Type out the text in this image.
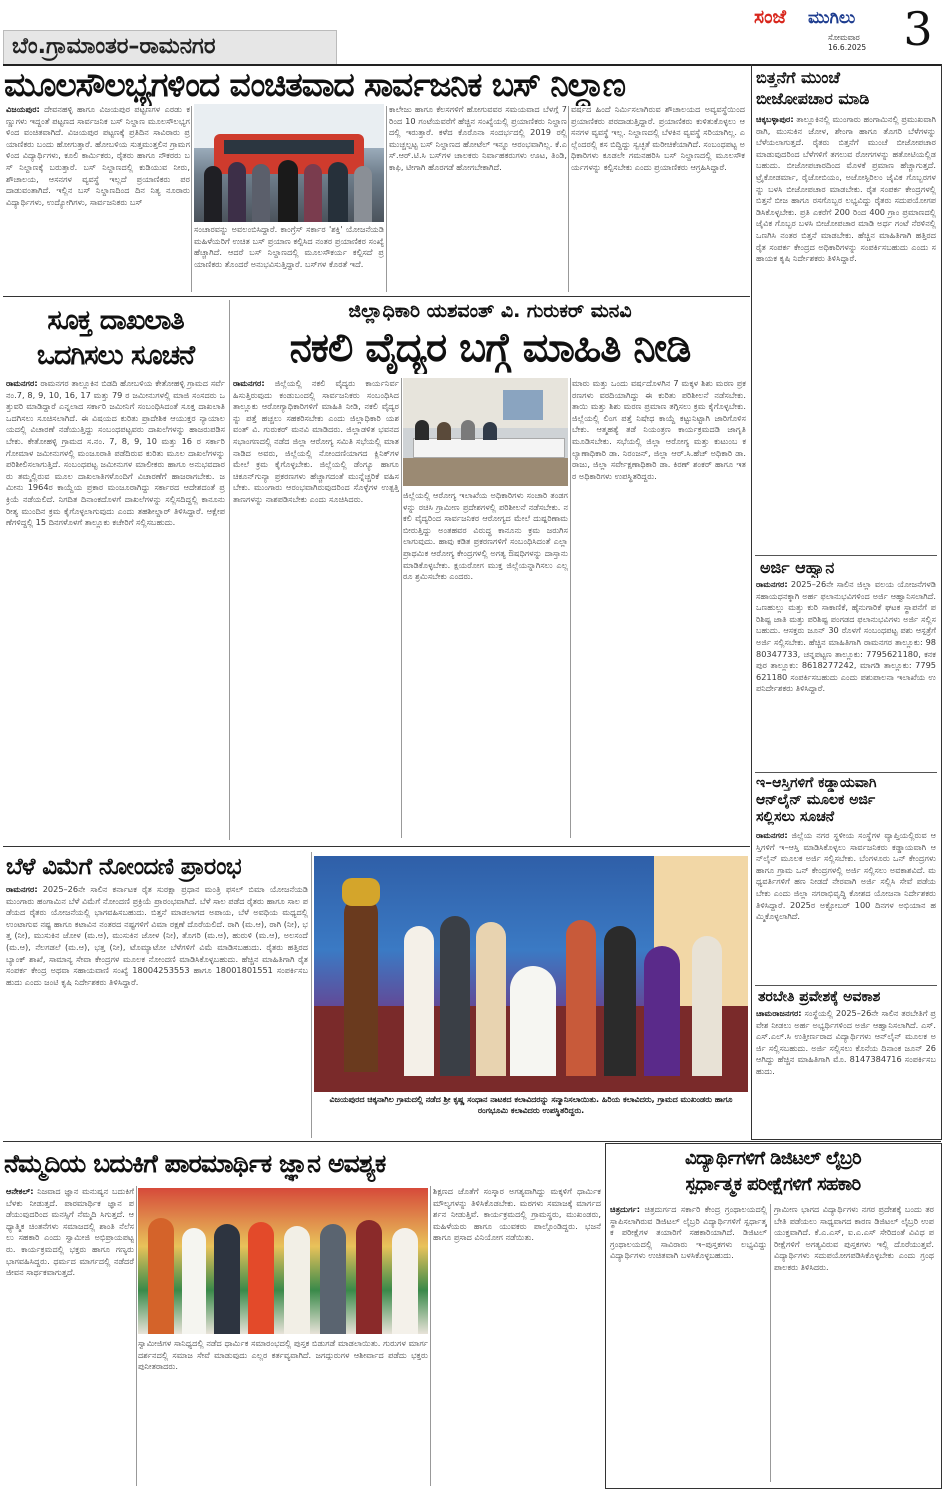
ಬೆಂ.ಗ್ರಾಮಾಂತರ–ರಾಮನಗರ
ಸಂಜೆ ಮುಗಿಲು
ಸೋಮವಾರ
16.6.2025 3
ಮೂಲಸೌಲಭ್ಯಗಳಿಂದ ವಂಚಿತವಾದ ಸಾರ್ವಜನಿಕ ಬಸ್ ನಿಲ್ದಾಣ
ವಿಜಯಪುರ: ದೇವನಹಳ್ಳಿ ಹಾಗೂ ವಿಜಯಪುರ ಪಟ್ಟಣಗಳ ಎರಡು ಕಣ್ಣುಗಳು ಇದ್ದಂತೆ ಪಟ್ಟಣದ ಸಾರ್ವಜನಿಕ ಬಸ್ ನಿಲ್ದಾಣ ಮೂಲಸೌಲಭ್ಯಗಳಿಂದ ವಂಚಿತವಾಗಿದೆ. ವಿಜಯಪುರ ಪಟ್ಟಣಕ್ಕೆ ಪ್ರತಿದಿನ ಸಾವಿರಾರು ಪ್ರಯಾಣಿಕರು ಬಂದು ಹೋಗುತ್ತಾರೆ. ಹೋಬಳಿಯ ಸುತ್ತಮುತ್ತಲಿನ ಗ್ರಾಮಗಳಿಂದ ವಿದ್ಯಾರ್ಥಿಗಳು, ಕೂಲಿ ಕಾರ್ಮಿಕರು, ರೈತರು ಹಾಗೂ ನೌಕರರು ಬಸ್ ನಿಲ್ದಾಣಕ್ಕೆ ಬರುತ್ತಾರೆ. ಬಸ್ ನಿಲ್ದಾಣದಲ್ಲಿ ಕುಡಿಯುವ ನೀರು, ಶೌಚಾಲಯ, ಆಸನಗಳ ವ್ಯವಸ್ಥೆ ಇಲ್ಲದೆ ಪ್ರಯಾಣಿಕರು ಪರದಾಡುವಂತಾಗಿದೆ. ಇಲ್ಲಿನ ಬಸ್ ನಿಲ್ದಾಣದಿಂದ ದಿನ ನಿತ್ಯ ನೂರಾರು ವಿದ್ಯಾರ್ಥಿಗಳು, ಉದ್ಯೋಗಿಗಳು, ಸಾರ್ವಜನಿಕರು ಬಸ್
ಸಂಚಾರವನ್ನು ಅವಲಂಬಿಸಿದ್ದಾರೆ. ಕಾಂಗ್ರೆಸ್ ಸರ್ಕಾರ 'ಶಕ್ತಿ' ಯೋಜನೆಯಡಿ ಮಹಿಳೆಯರಿಗೆ ಉಚಿತ ಬಸ್ ಪ್ರಯಾಣ ಕಲ್ಪಿಸಿದ ನಂತರ ಪ್ರಯಾಣಿಕರ ಸಂಖ್ಯೆ ಹೆಚ್ಚಾಗಿದೆ. ಆದರೆ ಬಸ್ ನಿಲ್ದಾಣದಲ್ಲಿ ಮೂಲಸೌಕರ್ಯ ಕಲ್ಪಿಸದೆ ಪ್ರಯಾಣಿಕರು ತೊಂದರೆ ಅನುಭವಿಸುತ್ತಿದ್ದಾರೆ. ಬಸ್‌ಗಳ ಕೊರತೆ ಇದೆ.
ಕಾಲೇಜು ಹಾಗೂ ಕೆಲಸಗಳಿಗೆ ಹೋಗುವವರ ಸಮಯವಾದ ಬೆಳಗ್ಗೆ 7 ರಿಂದ 10 ಗಂಟೆಯವರೆಗೆ ಹೆಚ್ಚಿನ ಸಂಖ್ಯೆಯಲ್ಲಿ ಪ್ರಯಾಣಿಕರು ನಿಲ್ದಾಣದಲ್ಲಿ ಇರುತ್ತಾರೆ. ಕಳೆದ ಕೊರೊನಾ ಸಂದರ್ಭದಲ್ಲಿ 2019 ರಲ್ಲಿ ಮುಚ್ಚಲ್ಪಟ್ಟ ಬಸ್ ನಿಲ್ದಾಣದ ಹೋಟೆಲ್ ಇನ್ನೂ ಆರಂಭವಾಗಿಲ್ಲ. ಕೆ.ಎಸ್.ಆರ್.ಟಿ.ಸಿ ಬಸ್‌ಗಳ ಚಾಲಕರು ನಿರ್ವಾಹಕರುಗಳು ಊಟ, ತಿಂಡಿ, ಕಾಫಿ, ಟೀಗಾಗಿ ಹೊರಗಡೆ ಹೋಗಬೇಕಾಗಿದೆ.
ವರ್ಷದ ಹಿಂದೆ ನಿರ್ಮಿಸಲಾಗಿರುವ ಶೌಚಾಲಯದ ಅವ್ಯವಸ್ಥೆಯಿಂದ ಪ್ರಯಾಣಿಕರು ಪರದಾಡುತ್ತಿದ್ದಾರೆ. ಪ್ರಯಾಣಿಕರು ಕುಳಿತುಕೊಳ್ಳಲು ಆಸನಗಳ ವ್ಯವಸ್ಥೆ ಇಲ್ಲ. ನಿಲ್ದಾಣದಲ್ಲಿ ಬೆಳಕಿನ ವ್ಯವಸ್ಥೆ ಸರಿಯಾಗಿಲ್ಲ. ಎಲ್ಲೆಂದರಲ್ಲಿ ಕಸ ಬಿದ್ದಿದ್ದು ಸ್ವಚ್ಛತೆ ಮರೀಚಿಕೆಯಾಗಿದೆ. ಸಂಬಂಧಪಟ್ಟ ಅಧಿಕಾರಿಗಳು ಕೂಡಲೇ ಗಮನಹರಿಸಿ ಬಸ್ ನಿಲ್ದಾಣದಲ್ಲಿ ಮೂಲಸೌಕರ್ಯಗಳನ್ನು ಕಲ್ಪಿಸಬೇಕು ಎಂದು ಪ್ರಯಾಣಿಕರು ಆಗ್ರಹಿಸಿದ್ದಾರೆ.
ಬಿತ್ತನೆಗೆ ಮುಂಚೆ
ಬೀಜೋಪಚಾರ ಮಾಡಿ
ಚಿಕ್ಕಬಳ್ಳಾಪುರ: ತಾಲ್ಲೂಕಿನಲ್ಲಿ ಮುಂಗಾರು ಹಂಗಾಮಿನಲ್ಲಿ ಪ್ರಮುಖವಾಗಿ ರಾಗಿ, ಮುಸುಕಿನ ಜೋಳ, ಶೇಂಗಾ ಹಾಗೂ ತೊಗರಿ ಬೆಳೆಗಳನ್ನು ಬೆಳೆಯಲಾಗುತ್ತದೆ. ರೈತರು ಬಿತ್ತನೆಗೆ ಮುಂಚೆ ಬೀಜೋಪಚಾರ ಮಾಡುವುದರಿಂದ ಬೆಳೆಗಳಿಗೆ ತಗಲುವ ರೋಗಗಳನ್ನು ಹತೋಟಿಯಲ್ಲಿಡಬಹುದು. ಬೀಜೋಪಚಾರದಿಂದ ಮೊಳಕೆ ಪ್ರಮಾಣ ಹೆಚ್ಚಾಗುತ್ತದೆ. ಟ್ರೈಕೋಡರ್ಮಾ, ರೈಜೋಬಿಯಂ, ಅಜೋಸ್ಪಿರಿಲಂ ಜೈವಿಕ ಗೊಬ್ಬರಗಳನ್ನು ಬಳಸಿ ಬೀಜೋಪಚಾರ ಮಾಡಬೇಕು. ರೈತ ಸಂಪರ್ಕ ಕೇಂದ್ರಗಳಲ್ಲಿ ಬಿತ್ತನೆ ಬೀಜ ಹಾಗೂ ರಸಗೊಬ್ಬರ ಲಭ್ಯವಿದ್ದು ರೈತರು ಸದುಪಯೋಗಪಡಿಸಿಕೊಳ್ಳಬೇಕು. ಪ್ರತಿ ಎಕರೆಗೆ 200 ರಿಂದ 400 ಗ್ರಾಂ ಪ್ರಮಾಣದಲ್ಲಿ ಜೈವಿಕ ಗೊಬ್ಬರ ಬಳಸಿ ಬೀಜೋಪಚಾರ ಮಾಡಿ ಅರ್ಧ ಗಂಟೆ ನೆರಳಿನಲ್ಲಿ ಒಣಗಿಸಿ ನಂತರ ಬಿತ್ತನೆ ಮಾಡಬೇಕು. ಹೆಚ್ಚಿನ ಮಾಹಿತಿಗಾಗಿ ಹತ್ತಿರದ ರೈತ ಸಂಪರ್ಕ ಕೇಂದ್ರದ ಅಧಿಕಾರಿಗಳನ್ನು ಸಂಪರ್ಕಿಸಬಹುದು ಎಂದು ಸಹಾಯಕ ಕೃಷಿ ನಿರ್ದೇಶಕರು ತಿಳಿಸಿದ್ದಾರೆ.
ಅರ್ಜಿ ಆಹ್ವಾನ
ರಾಮನಗರ: 2025–26ನೇ ಸಾಲಿನ ಜಿಲ್ಲಾ ವಲಯ ಯೋಜನೆಗಳಡಿ ಸಹಾಯಧನಕ್ಕಾಗಿ ಅರ್ಹ ಫಲಾನುಭವಿಗಳಿಂದ ಅರ್ಜಿ ಆಹ್ವಾನಿಸಲಾಗಿದೆ. ಒಣಹುಲ್ಲು ಮತ್ತು ಕುರಿ ಸಾಕಾಣಿಕೆ, ಹೈನುಗಾರಿಕೆ ಘಟಕ ಸ್ಥಾಪನೆಗೆ ಪರಿಶಿಷ್ಟ ಜಾತಿ ಮತ್ತು ಪರಿಶಿಷ್ಟ ಪಂಗಡದ ಫಲಾನುಭವಿಗಳು ಅರ್ಜಿ ಸಲ್ಲಿಸಬಹುದು. ಆಸಕ್ತರು ಜೂನ್ 30 ರೊಳಗೆ ಸಂಬಂಧಪಟ್ಟ ಪಶು ಆಸ್ಪತ್ರೆಗೆ ಅರ್ಜಿ ಸಲ್ಲಿಸಬೇಕು. ಹೆಚ್ಚಿನ ಮಾಹಿತಿಗಾಗಿ ರಾಮನಗರ ತಾಲ್ಲೂಕು: 9880347733, ಚನ್ನಪಟ್ಟಣ ತಾಲ್ಲೂಕು: 7795621180, ಕನಕಪುರ ತಾಲ್ಲೂಕು: 8618277242, ಮಾಗಡಿ ತಾಲ್ಲೂಕು: 7795621180 ಸಂಪರ್ಕಿಸಬಹುದು ಎಂದು ಪಶುಪಾಲನಾ ಇಲಾಖೆಯ ಉಪನಿರ್ದೇಶಕರು ತಿಳಿಸಿದ್ದಾರೆ.
ಇ–ಆಸ್ತಿಗಳಿಗೆ ಕಡ್ಡಾಯವಾಗಿ
ಆನ್‌ಲೈನ್ ಮೂಲಕ ಅರ್ಜಿ
ಸಲ್ಲಿಸಲು ಸೂಚನೆ
ರಾಮನಗರ: ಜಿಲ್ಲೆಯ ನಗರ ಸ್ಥಳೀಯ ಸಂಸ್ಥೆಗಳ ವ್ಯಾಪ್ತಿಯಲ್ಲಿರುವ ಆಸ್ತಿಗಳಿಗೆ ಇ–ಆಸ್ತಿ ಮಾಡಿಸಿಕೊಳ್ಳಲು ಸಾರ್ವಜನಿಕರು ಕಡ್ಡಾಯವಾಗಿ ಆನ್‌ಲೈನ್ ಮೂಲಕ ಅರ್ಜಿ ಸಲ್ಲಿಸಬೇಕು. ಬೆಂಗಳೂರು ಒನ್ ಕೇಂದ್ರಗಳು ಹಾಗೂ ಗ್ರಾಮ ಒನ್ ಕೇಂದ್ರಗಳಲ್ಲಿ ಅರ್ಜಿ ಸಲ್ಲಿಸಲು ಅವಕಾಶವಿದೆ. ಮಧ್ಯವರ್ತಿಗಳಿಗೆ ಹಣ ನೀಡದೆ ನೇರವಾಗಿ ಅರ್ಜಿ ಸಲ್ಲಿಸಿ ಸೇವೆ ಪಡೆಯಬೇಕು ಎಂದು ಜಿಲ್ಲಾ ನಗರಾಭಿವೃದ್ಧಿ ಕೋಶದ ಯೋಜನಾ ನಿರ್ದೇಶಕರು ತಿಳಿಸಿದ್ದಾರೆ. 2025ರ ಅಕ್ಟೋಬರ್ 100 ದಿನಗಳ ಅಭಿಯಾನ ಹಮ್ಮಿಕೊಳ್ಳಲಾಗಿದೆ.
ತರಬೇತಿ ಪ್ರವೇಶಕ್ಕೆ ಅವಕಾಶ
ಚಾಮರಾಜನಗರ: ಸಂಸ್ಥೆಯಲ್ಲಿ 2025–26ನೇ ಸಾಲಿನ ತರಬೇತಿಗೆ ಪ್ರವೇಶ ನೀಡಲು ಅರ್ಹ ಅಭ್ಯರ್ಥಿಗಳಿಂದ ಅರ್ಜಿ ಆಹ್ವಾನಿಸಲಾಗಿದೆ. ಎಸ್.ಎಸ್.ಎಲ್.ಸಿ ಉತ್ತೀರ್ಣರಾದ ವಿದ್ಯಾರ್ಥಿಗಳು ಆನ್‌ಲೈನ್ ಮೂಲಕ ಅರ್ಜಿ ಸಲ್ಲಿಸಬಹುದು. ಅರ್ಜಿ ಸಲ್ಲಿಸಲು ಕೊನೆಯ ದಿನಾಂಕ ಜೂನ್ 26 ಆಗಿದ್ದು ಹೆಚ್ಚಿನ ಮಾಹಿತಿಗಾಗಿ ಮೊ. 8147384716 ಸಂಪರ್ಕಿಸಬಹುದು.
ಸೂಕ್ತ ದಾಖಲಾತಿ
ಒದಗಿಸಲು ಸೂಚನೆ
ರಾಮನಗರ: ರಾಮನಗರ ತಾಲ್ಲೂಕಿನ ಬಿಡದಿ ಹೋಬಳಿಯ ಕೇತೋಹಳ್ಳಿ ಗ್ರಾಮದ ಸರ್ವೆ ನಂ.7, 8, 9, 10, 16, 17 ಮತ್ತು 79 ರ ಜಮೀನುಗಳಲ್ಲಿ ಮಾಜಿ ಸಂಸದರು ಒತ್ತುವರಿ ಮಾಡಿದ್ದಾರೆ ಎನ್ನಲಾದ ಸರ್ಕಾರಿ ಜಮೀನಿಗೆ ಸಂಬಂಧಿಸಿದಂತೆ ಸೂಕ್ತ ದಾಖಲಾತಿ ಒದಗಿಸಲು ಸೂಚಿಸಲಾಗಿದೆ. ಈ ವಿಷಯದ ಕುರಿತು ಪ್ರಾದೇಶಿಕ ಆಯುಕ್ತರ ನ್ಯಾಯಾಲಯದಲ್ಲಿ ವಿಚಾರಣೆ ನಡೆಯುತ್ತಿದ್ದು ಸಂಬಂಧಪಟ್ಟವರು ದಾಖಲೆಗಳನ್ನು ಹಾಜರುಪಡಿಸಬೇಕು. ಕೇತೋಹಳ್ಳಿ ಗ್ರಾಮದ ಸ.ನಂ. 7, 8, 9, 10 ಮತ್ತು 16 ರ ಸರ್ಕಾರಿ ಗೋಮಾಳ ಜಮೀನುಗಳಲ್ಲಿ ಮಂಜೂರಾತಿ ಪಡೆದಿರುವ ಕುರಿತು ಮೂಲ ದಾಖಲೆಗಳನ್ನು ಪರಿಶೀಲಿಸಲಾಗುತ್ತಿದೆ. ಸಂಬಂಧಪಟ್ಟ ಜಮೀನುಗಳ ಮಾಲೀಕರು ಹಾಗೂ ಅನುಭವದಾರರು ತಮ್ಮಲ್ಲಿರುವ ಮೂಲ ದಾಖಲಾತಿಗಳೊಂದಿಗೆ ವಿಚಾರಣೆಗೆ ಹಾಜರಾಗಬೇಕು. ಜಮೀನು 1964ರ ಕಾಯ್ದೆಯ ಪ್ರಕಾರ ಮಂಜೂರಾಗಿದ್ದು ಸರ್ಕಾರದ ಆದೇಶದಂತೆ ಪ್ರಕ್ರಿಯೆ ನಡೆಯಲಿದೆ. ನಿಗದಿತ ದಿನಾಂಕದೊಳಗೆ ದಾಖಲೆಗಳನ್ನು ಸಲ್ಲಿಸದಿದ್ದಲ್ಲಿ ಕಾನೂನು ರೀತ್ಯ ಮುಂದಿನ ಕ್ರಮ ಕೈಗೊಳ್ಳಲಾಗುವುದು ಎಂದು ತಹಶೀಲ್ದಾರ್ ತಿಳಿಸಿದ್ದಾರೆ. ಆಕ್ಷೇಪಣೆಗಳಿದ್ದಲ್ಲಿ 15 ದಿನಗಳೊಳಗೆ ತಾಲ್ಲೂಕು ಕಚೇರಿಗೆ ಸಲ್ಲಿಸಬಹುದು.
ಜಿಲ್ಲಾಧಿಕಾರಿ ಯಶವಂತ್ ವಿ. ಗುರುಕರ್ ಮನವಿ
ನಕಲಿ ವೈದ್ಯರ ಬಗ್ಗೆ ಮಾಹಿತಿ ನೀಡಿ
ರಾಮನಗರ: ಜಿಲ್ಲೆಯಲ್ಲಿ ನಕಲಿ ವೈದ್ಯರು ಕಾರ್ಯನಿರ್ವಹಿಸುತ್ತಿರುವುದು ಕಂಡುಬಂದಲ್ಲಿ ಸಾರ್ವಜನಿಕರು ಸಂಬಂಧಿಸಿದ ತಾಲ್ಲೂಕು ಆರೋಗ್ಯಾಧಿಕಾರಿಗಳಿಗೆ ಮಾಹಿತಿ ನೀಡಿ, ನಕಲಿ ವೈದ್ಯರನ್ನು ಪತ್ತೆ ಹಚ್ಚಲು ಸಹಕರಿಸಬೇಕು ಎಂದು ಜಿಲ್ಲಾಧಿಕಾರಿ ಯಶವಂತ್ ವಿ. ಗುರುಕರ್ ಮನವಿ ಮಾಡಿದರು. ಜಿಲ್ಲಾಡಳಿತ ಭವನದ ಸಭಾಂಗಣದಲ್ಲಿ ನಡೆದ ಜಿಲ್ಲಾ ಆರೋಗ್ಯ ಸಮಿತಿ ಸಭೆಯಲ್ಲಿ ಮಾತನಾಡಿದ ಅವರು, ಜಿಲ್ಲೆಯಲ್ಲಿ ನೋಂದಣಿಯಾಗದ ಕ್ಲಿನಿಕ್‌ಗಳ ಮೇಲೆ ಕ್ರಮ ಕೈಗೊಳ್ಳಬೇಕು. ಜಿಲ್ಲೆಯಲ್ಲಿ ಡೆಂಗ್ಯೂ ಹಾಗೂ ಚಿಕೂನ್‌ಗುನ್ಯಾ ಪ್ರಕರಣಗಳು ಹೆಚ್ಚಾಗದಂತೆ ಮುನ್ನೆಚ್ಚರಿಕೆ ವಹಿಸಬೇಕು. ಮುಂಗಾರು ಆರಂಭವಾಗಿರುವುದರಿಂದ ಸೊಳ್ಳೆಗಳ ಉತ್ಪತ್ತಿ ತಾಣಗಳನ್ನು ನಾಶಪಡಿಸಬೇಕು ಎಂದು ಸೂಚಿಸಿದರು.	ಜಿಲ್ಲೆಯಲ್ಲಿ ಆರೋಗ್ಯ ಇಲಾಖೆಯ ಅಧಿಕಾರಿಗಳು ಸಂಚಾರಿ ತಂಡಗಳನ್ನು ರಚಿಸಿ ಗ್ರಾಮೀಣ ಪ್ರದೇಶಗಳಲ್ಲಿ ಪರಿಶೀಲನೆ ನಡೆಸಬೇಕು. ನಕಲಿ ವೈದ್ಯರಿಂದ ಸಾರ್ವಜನಿಕರ ಆರೋಗ್ಯದ ಮೇಲೆ ದುಷ್ಪರಿಣಾಮ ಬೀರುತ್ತಿದ್ದು ಅಂತಹವರ ವಿರುದ್ಧ ಕಾನೂನು ಕ್ರಮ ಜರುಗಿಸಲಾಗುವುದು. ಹಾವು ಕಡಿತ ಪ್ರಕರಣಗಳಿಗೆ ಸಂಬಂಧಿಸಿದಂತೆ ಎಲ್ಲಾ ಪ್ರಾಥಮಿಕ ಆರೋಗ್ಯ ಕೇಂದ್ರಗಳಲ್ಲಿ ಅಗತ್ಯ ಔಷಧಿಗಳನ್ನು ದಾಸ್ತಾನು ಮಾಡಿಕೊಳ್ಳಬೇಕು. ಕ್ಷಯರೋಗ ಮುಕ್ತ ಜಿಲ್ಲೆಯನ್ನಾಗಿಸಲು ಎಲ್ಲರೂ ಶ್ರಮಿಸಬೇಕು ಎಂದರು.
ಮಾರು ಮತ್ತು ಒಂದು ವರ್ಷದೊಳಗಿನ 7 ಮಕ್ಕಳ ಶಿಶು ಮರಣ ಪ್ರಕರಣಗಳು ವರದಿಯಾಗಿದ್ದು ಈ ಕುರಿತು ಪರಿಶೀಲನೆ ನಡೆಸಬೇಕು. ತಾಯಿ ಮತ್ತು ಶಿಶು ಮರಣ ಪ್ರಮಾಣ ತಗ್ಗಿಸಲು ಕ್ರಮ ಕೈಗೊಳ್ಳಬೇಕು. ಜಿಲ್ಲೆಯಲ್ಲಿ ಲಿಂಗ ಪತ್ತೆ ನಿಷೇಧ ಕಾಯ್ದೆ ಕಟ್ಟುನಿಟ್ಟಾಗಿ ಜಾರಿಗೊಳಿಸಬೇಕು. ಆತ್ಮಹತ್ಯೆ ತಡೆ ನಿಯಂತ್ರಣ ಕಾರ್ಯಕ್ರಮದಡಿ ಜಾಗೃತಿ ಮೂಡಿಸಬೇಕು. ಸಭೆಯಲ್ಲಿ ಜಿಲ್ಲಾ ಆರೋಗ್ಯ ಮತ್ತು ಕುಟುಂಬ ಕಲ್ಯಾಣಾಧಿಕಾರಿ ಡಾ. ನಿರಂಜನ್, ಜಿಲ್ಲಾ ಆರ್.ಸಿ.ಹೆಚ್ ಅಧಿಕಾರಿ ಡಾ. ರಾಜು, ಜಿಲ್ಲಾ ಸರ್ವೇಕ್ಷಣಾಧಿಕಾರಿ ಡಾ. ಕಿರಣ್ ಶಂಕರ್ ಹಾಗೂ ಇತರ ಅಧಿಕಾರಿಗಳು ಉಪಸ್ಥಿತರಿದ್ದರು.
ಬೆಳೆ ವಿಮೆಗೆ ನೋಂದಣಿ ಪ್ರಾರಂಭ
ರಾಮನಗರ: 2025–26ನೇ ಸಾಲಿನ ಕರ್ನಾಟಕ ರೈತ ಸುರಕ್ಷಾ ಪ್ರಧಾನ ಮಂತ್ರಿ ಫಸಲ್ ಬಿಮಾ ಯೋಜನೆಯಡಿ ಮುಂಗಾರು ಹಂಗಾಮಿನ ಬೆಳೆ ವಿಮೆಗೆ ನೋಂದಣಿ ಪ್ರಕ್ರಿಯೆ ಪ್ರಾರಂಭವಾಗಿದೆ. ಬೆಳೆ ಸಾಲ ಪಡೆದ ರೈತರು ಹಾಗೂ ಸಾಲ ಪಡೆಯದ ರೈತರು ಯೋಜನೆಯಲ್ಲಿ ಭಾಗವಹಿಸಬಹುದು. ಬಿತ್ತನೆ ಮಾಡಲಾಗದ ಅಪಾಯ, ಬೆಳೆ ಅವಧಿಯ ಮಧ್ಯದಲ್ಲಿ ಉಂಟಾಗುವ ನಷ್ಟ ಹಾಗೂ ಕಟಾವಿನ ನಂತರದ ನಷ್ಟಗಳಿಗೆ ವಿಮಾ ರಕ್ಷಣೆ ದೊರೆಯಲಿದೆ. ರಾಗಿ (ಮ.ಆ), ರಾಗಿ (ನೀ), ಭತ್ತ (ನೀ), ಮುಸುಕಿನ ಜೋಳ (ಮ.ಆ), ಮುಸುಕಿನ ಜೋಳ (ನೀ), ತೊಗರಿ (ಮ.ಆ), ಹುರುಳಿ (ಮ.ಆ), ಅಲಸಂದೆ (ಮ.ಆ), ನೆಲಗಡಲೆ (ಮ.ಆ), ಭತ್ತ (ನೀ), ಟೊಮ್ಯಾಟೋ ಬೆಳೆಗಳಿಗೆ ವಿಮೆ ಮಾಡಿಸಬಹುದು. ರೈತರು ಹತ್ತಿರದ ಬ್ಯಾಂಕ್ ಶಾಖೆ, ಸಾಮಾನ್ಯ ಸೇವಾ ಕೇಂದ್ರಗಳ ಮೂಲಕ ನೋಂದಣಿ ಮಾಡಿಸಿಕೊಳ್ಳಬಹುದು. ಹೆಚ್ಚಿನ ಮಾಹಿತಿಗಾಗಿ ರೈತ ಸಂಪರ್ಕ ಕೇಂದ್ರ ಅಥವಾ ಸಹಾಯವಾಣಿ ಸಂಖ್ಯೆ 18004253553 ಹಾಗೂ 18001801551 ಸಂಪರ್ಕಿಸಬಹುದು ಎಂದು ಜಂಟಿ ಕೃಷಿ ನಿರ್ದೇಶಕರು ತಿಳಿಸಿದ್ದಾರೆ.
ವಿಜಯಪುರದ ಚಿಕ್ಕನಾಗಿಲ ಗ್ರಾಮದಲ್ಲಿ ನಡೆದ ಶ್ರೀ ಕೃಷ್ಣ ಸಂಧಾನ ನಾಟಕದ ಕಲಾವಿದರನ್ನು ಸನ್ಮಾನಿಸಲಾಯಿತು. ಹಿರಿಯ ಕಲಾವಿದರು, ಗ್ರಾಮದ ಮುಖಂಡರು ಹಾಗೂ ರಂಗಭೂಮಿ ಕಲಾವಿದರು ಉಪಸ್ಥಿತರಿದ್ದರು.
ನೆಮ್ಮದಿಯ ಬದುಕಿಗೆ ಪಾರಮಾರ್ಥಿಕ ಜ್ಞಾನ ಅವಶ್ಯಕ
ಆನೇಕಲ್: ನಿಜವಾದ ಜ್ಞಾನ ಮನುಷ್ಯನ ಬದುಕಿಗೆ ಬೆಳಕು ನೀಡುತ್ತದೆ. ಪಾರಮಾರ್ಥಿಕ ಜ್ಞಾನ ಪಡೆಯುವುದರಿಂದ ಮನಸ್ಸಿಗೆ ನೆಮ್ಮದಿ ಸಿಗುತ್ತದೆ. ಆಧ್ಯಾತ್ಮಿಕ ಚಿಂತನೆಗಳು ಸಮಾಜದಲ್ಲಿ ಶಾಂತಿ ನೆಲೆಸಲು ಸಹಕಾರಿ ಎಂದು ಸ್ವಾಮೀಜಿ ಅಭಿಪ್ರಾಯಪಟ್ಟರು. ಕಾರ್ಯಕ್ರಮದಲ್ಲಿ ಭಕ್ತರು ಹಾಗೂ ಗಣ್ಯರು ಭಾಗವಹಿಸಿದ್ದರು. ಧರ್ಮದ ಮಾರ್ಗದಲ್ಲಿ ನಡೆದರೆ ಜೀವನ ಸಾರ್ಥಕವಾಗುತ್ತದೆ.
ಸ್ವಾಮೀಜಿಗಳ ಸಾನಿಧ್ಯದಲ್ಲಿ ನಡೆದ ಧಾರ್ಮಿಕ ಸಮಾರಂಭದಲ್ಲಿ ಪುಸ್ತಕ ಬಿಡುಗಡೆ ಮಾಡಲಾಯಿತು. ಗುರುಗಳ ಮಾರ್ಗದರ್ಶನದಲ್ಲಿ ಸಮಾಜ ಸೇವೆ ಮಾಡುವುದು ಎಲ್ಲರ ಕರ್ತವ್ಯವಾಗಿದೆ. ಜಗದ್ಗುರುಗಳ ಆಶೀರ್ವಾದ ಪಡೆದು ಭಕ್ತರು ಪುನೀತರಾದರು.
ಶಿಕ್ಷಣದ ಜೊತೆಗೆ ಸಂಸ್ಕಾರ ಅಗತ್ಯವಾಗಿದ್ದು ಮಕ್ಕಳಿಗೆ ಧಾರ್ಮಿಕ ಮೌಲ್ಯಗಳನ್ನು ತಿಳಿಸಿಕೊಡಬೇಕು. ಮಠಗಳು ಸಮಾಜಕ್ಕೆ ಮಾರ್ಗದರ್ಶನ ನೀಡುತ್ತಿವೆ. ಕಾರ್ಯಕ್ರಮದಲ್ಲಿ ಗ್ರಾಮಸ್ಥರು, ಮುಖಂಡರು, ಮಹಿಳೆಯರು ಹಾಗೂ ಯುವಕರು ಪಾಲ್ಗೊಂಡಿದ್ದರು. ಭಜನೆ ಹಾಗೂ ಪ್ರಸಾದ ವಿನಿಯೋಗ ನಡೆಯಿತು.
ವಿದ್ಯಾರ್ಥಿಗಳಿಗೆ ಡಿಜಿಟಲ್ ಲೈಬ್ರರಿ
ಸ್ಪರ್ಧಾತ್ಮಕ ಪರೀಕ್ಷೆಗಳಿಗೆ ಸಹಕಾರಿ
ಚಿತ್ರದುರ್ಗ: ಚಿತ್ರದುರ್ಗದ ಸರ್ಕಾರಿ ಕೇಂದ್ರ ಗ್ರಂಥಾಲಯದಲ್ಲಿ ಸ್ಥಾಪಿಸಲಾಗಿರುವ ಡಿಜಿಟಲ್ ಲೈಬ್ರರಿ ವಿದ್ಯಾರ್ಥಿಗಳಿಗೆ ಸ್ಪರ್ಧಾತ್ಮಕ ಪರೀಕ್ಷೆಗಳ ತಯಾರಿಗೆ ಸಹಕಾರಿಯಾಗಿದೆ. ಡಿಜಿಟಲ್ ಗ್ರಂಥಾಲಯದಲ್ಲಿ ಸಾವಿರಾರು ಇ–ಪುಸ್ತಕಗಳು ಲಭ್ಯವಿದ್ದು ವಿದ್ಯಾರ್ಥಿಗಳು ಉಚಿತವಾಗಿ ಬಳಸಿಕೊಳ್ಳಬಹುದು.
ಗ್ರಾಮೀಣ ಭಾಗದ ವಿದ್ಯಾರ್ಥಿಗಳು ನಗರ ಪ್ರದೇಶಕ್ಕೆ ಬಂದು ತರಬೇತಿ ಪಡೆಯಲು ಸಾಧ್ಯವಾಗದ ಕಾರಣ ಡಿಜಿಟಲ್ ಲೈಬ್ರರಿ ಉಪಯುಕ್ತವಾಗಿದೆ. ಕೆ.ಎ.ಎಸ್, ಐ.ಎ.ಎಸ್ ಸೇರಿದಂತೆ ವಿವಿಧ ಪರೀಕ್ಷೆಗಳಿಗೆ ಅಗತ್ಯವಿರುವ ಪುಸ್ತಕಗಳು ಇಲ್ಲಿ ದೊರೆಯುತ್ತವೆ. ವಿದ್ಯಾರ್ಥಿಗಳು ಸದುಪಯೋಗಪಡಿಸಿಕೊಳ್ಳಬೇಕು ಎಂದು ಗ್ರಂಥಪಾಲಕರು ತಿಳಿಸಿದರು.
